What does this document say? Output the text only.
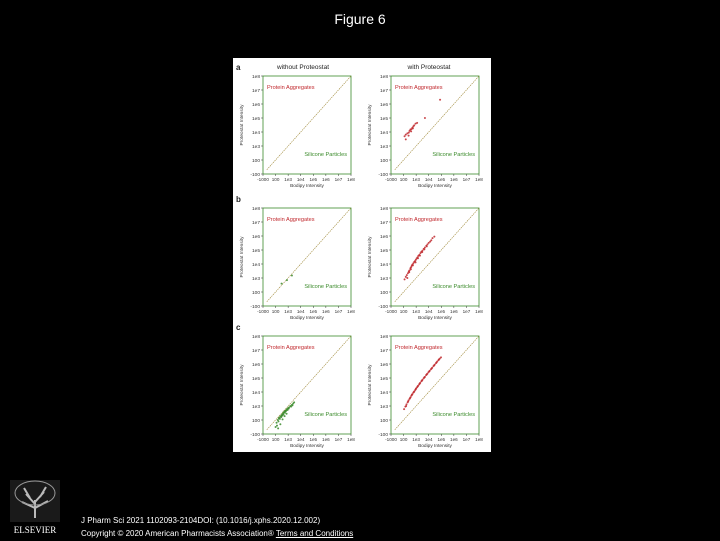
Figure 6
without Proteostat	with Proteostat
a
-100
100
1e3
1e4
1e5
1e6
1e7
1e8
-1000 100 1e3 1e4 1e5 1e6 1e7 1e8
Bodipy Intensity
Proteostat Intensity
Protein Aggregates
Silicone Particles
-100
100
1e3
1e4
1e5
1e6
1e7
1e8
-1000 100 1e3 1e4 1e5 1e6 1e7 1e8
Bodipy Intensity
Proteostat Intensity
Protein Aggregates
Silicone Particles
b
-100
100
1e3
1e4
1e5
1e6
1e7
1e8
-1000 100 1e3 1e4 1e5 1e6 1e7 1e8
Bodipy Intensity
Proteostat Intensity
Protein Aggregates
Silicone Particles
-100
100
1e3
1e4
1e5
1e6
1e7
1e8
-1000 100 1e3 1e4 1e5 1e6 1e7 1e8
Bodipy Intensity
Proteostat Intensity
Protein Aggregates
Silicone Particles
c
-100
100
1e3
1e4
1e5
1e6
1e7
1e8
-1000 100 1e3 1e4 1e5 1e6 1e7 1e8
Bodipy Intensity
Proteostat Intensity
Protein Aggregates
Silicone Particles
-100
100
1e3
1e4
1e5
1e6
1e7
1e8
-1000 100 1e3 1e4 1e5 1e6 1e7 1e8
Bodipy Intensity
Proteostat Intensity
Protein Aggregates
Silicone Particles
ELSEVIER
J Pharm Sci 2021 1102093-2104DOI: (10.1016/j.xphs.2020.12.002)
Copyright © 2020 American Pharmacists Association® Terms and Conditions
